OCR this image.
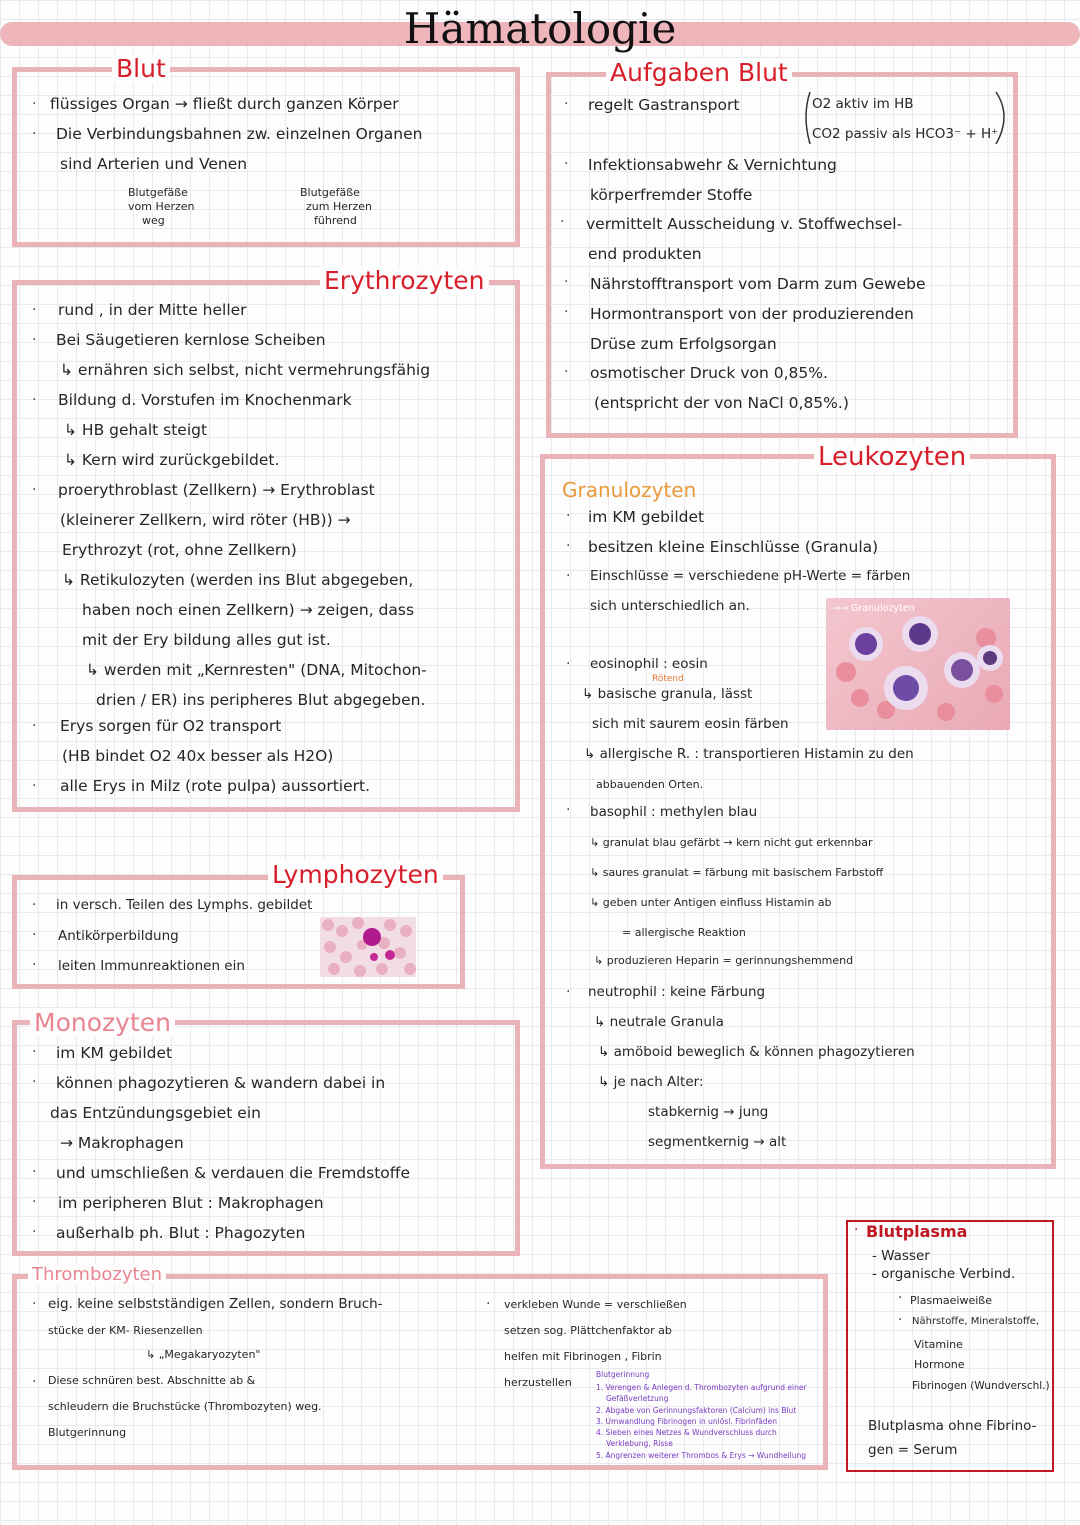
Hämatologie
Blut
·
·
flüssiges Organ → fließt durch ganzen Körper
Die Verbindungsbahnen zw. einzelnen Organen
sind Arterien und Venen
Blutgefäße
vom Herzen
weg
Blutgefäße
zum Herzen
führend
Erythrozyten
·
·
·
·
·
·
rund , in der Mitte heller
Bei Säugetieren kernlose Scheiben
↳ ernähren sich selbst, nicht vermehrungsfähig
Bildung d. Vorstufen im Knochenmark
↳ HB gehalt steigt
↳ Kern wird zurückgebildet.
proerythroblast (Zellkern) → Erythroblast
(kleinerer Zellkern, wird röter (HB)) →
Erythrozyt (rot, ohne Zellkern)
↳ Retikulozyten (werden ins Blut abgegeben,
haben noch einen Zellkern) → zeigen, dass
mit der Ery bildung alles gut ist.
↳ werden mit „Kernresten" (DNA, Mitochon-
drien / ER) ins peripheres Blut abgegeben.
Erys sorgen für O2 transport
(HB bindet O2 40x besser als H2O)
alle Erys in Milz (rote pulpa) aussortiert.
Lymphozyten
·
·
·
in versch. Teilen des Lymphs. gebildet
Antikörperbildung
leiten Immunreaktionen ein
Monozyten
·
·
·
·
·
im KM gebildet
können phagozytieren & wandern dabei in
das Entzündungsgebiet ein
→ Makrophagen
und umschließen & verdauen die Fremdstoffe
im peripheren Blut : Makrophagen
außerhalb ph. Blut : Phagozyten
Thrombozyten
·
·
eig. keine selbstständigen Zellen, sondern Bruch-
stücke der KM- Riesenzellen
↳ „Megakaryozyten"
Diese schnüren best. Abschnitte ab &
schleudern die Bruchstücke (Thrombozyten) weg.
Blutgerinnung
· verkleben Wunde = verschließen
setzen sog. Plättchenfaktor ab
helfen mit Fibrinogen , Fibrin
herzustellen
Blutgerinnung
1. Verengen & Anlegen d. Thrombozyten aufgrund einer
Gefäßverletzung
2. Abgabe von Gerinnungsfaktoren (Calcium) ins Blut
3. Umwandlung Fibrinogen in unlösl. Fibrinfäden
4. Sieben eines Netzes & Wundverschluss durch
Verklebung, Risse
5. Angrenzen weiterer Thrombos & Erys → Wundheilung
Aufgaben Blut
·
·
·
·
·
·
regelt Gastransport	O2 aktiv im HB
CO2 passiv als HCO3⁻ + H⁺
Infektionsabwehr & Vernichtung
körperfremder Stoffe
vermittelt Ausscheidung v. Stoffwechsel-
end produkten
Nährstofftransport vom Darm zum Gewebe
Hormontransport von der produzierenden
Drüse zum Erfolgsorgan
osmotischer Druck von 0,85%.
(entspricht der von NaCl 0,85%.)
Leukozyten
Granulozyten
·
·
·
·
·
·
im KM gebildet
besitzen kleine Einschlüsse (Granula)
Einschlüsse = verschiedene pH-Werte = färben
sich unterschiedlich an.
eosinophil : eosin
Rötend
↳ basische granula, lässt
sich mit saurem eosin färben
↳ allergische R. : transportieren Histamin zu den
abbauenden Orten.
basophil : methylen blau
↳ granulat blau gefärbt → kern nicht gut erkennbar
↳ saures granulat = färbung mit basischem Farbstoff
↳ geben unter Antigen einfluss Histamin ab
= allergische Reaktion
↳ produzieren Heparin = gerinnungshemmend
neutrophil : keine Färbung
↳ neutrale Granula
↳ amöboid beweglich & können phagozytieren
↳ je nach Alter:
stabkernig → jung
segmentkernig → alt
→→ Granulozyten
· Blutplasma
- Wasser
- organische Verbind.
Plasmaeiweiße
Nährstoffe, Mineralstoffe,
Vitamine
Hormone
Fibrinogen (Wundverschl.)
Blutplasma ohne Fibrino-
gen = Serum
·
·
